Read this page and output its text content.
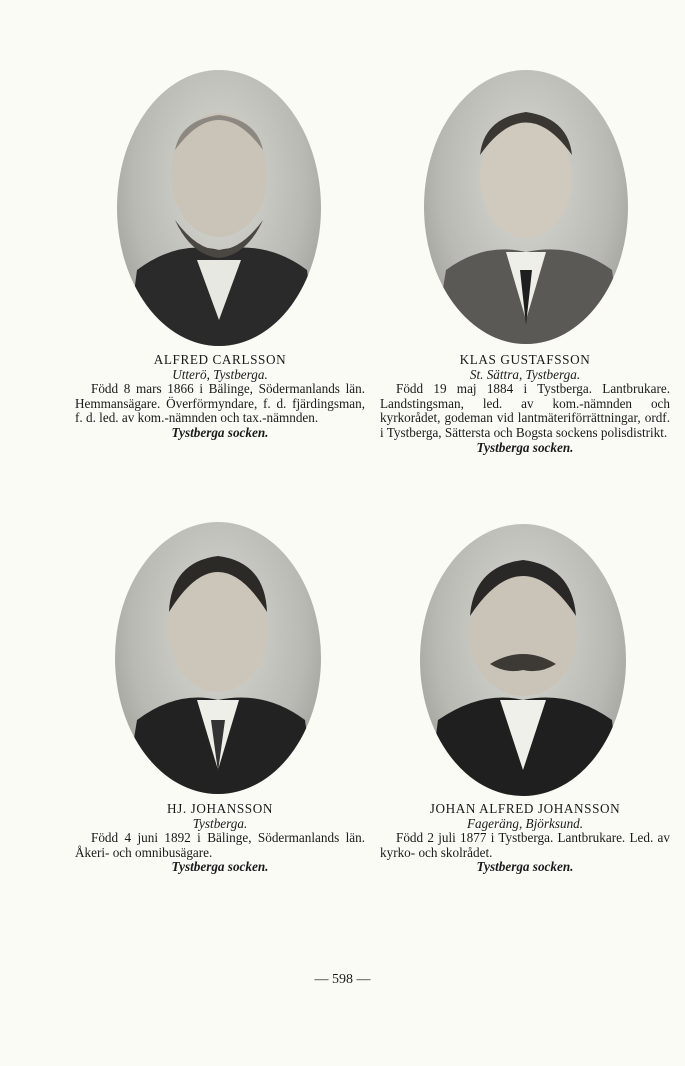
ALFRED CARLSSON
Utterö, Tystberga.
Född 8 mars 1866 i Bälinge, Södermanlands län. Hemmansägare. Överförmyndare, f. d. fjärdingsman, f. d. led. av kom.-nämnden och tax.-nämnden.
Tystberga socken.
KLAS GUSTAFSSON
St. Sättra, Tystberga.
Född 19 maj 1884 i Tystberga. Lantbrukare. Landstingsman, led. av kom.-nämnden och kyrkorådet, godeman vid lantmäteriförrättningar, ordf. i Tystberga, Sättersta och Bogsta sockens polisdistrikt.
Tystberga socken.
HJ. JOHANSSON
Tystberga.
Född 4 juni 1892 i Bälinge, Södermanlands län. Åkeri- och omnibusägare.
Tystberga socken.
JOHAN ALFRED JOHANSSON
Fageräng, Björksund.
Född 2 juli 1877 i Tystberga. Lantbrukare. Led. av kyrko- och skolrådet.
Tystberga socken.
— 598 —
